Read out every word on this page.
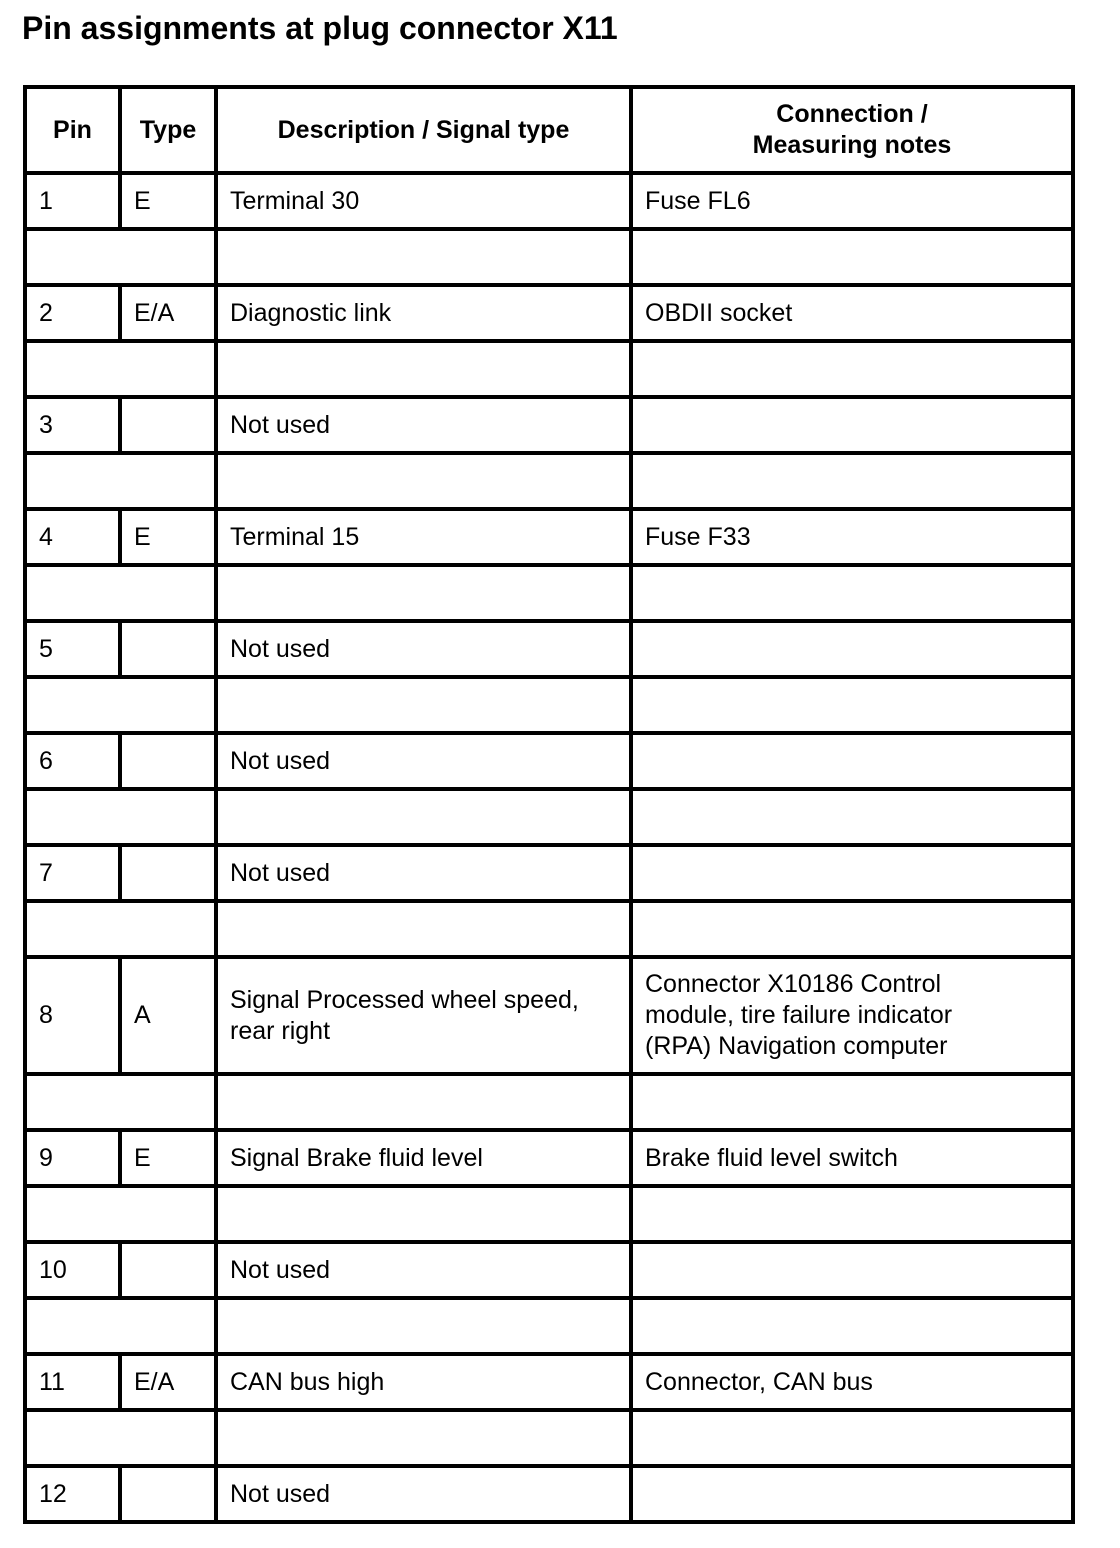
Pin assignments at plug connector X11
Pin	Type	Description / Signal type	Connection /
Measuring notes
1	E	Terminal 30	Fuse FL6

2	E/A	Diagnostic link	OBDII socket

3		Not used	

4	E	Terminal 15	Fuse F33

5		Not used	

6		Not used	

7		Not used	

8	A	Signal Processed wheel speed,
rear right	Connector X10186 Control
module, tire failure indicator
(RPA) Navigation computer

9	E	Signal Brake fluid level	Brake fluid level switch

10		Not used	

11	E/A	CAN bus high	Connector, CAN bus

12		Not used	
